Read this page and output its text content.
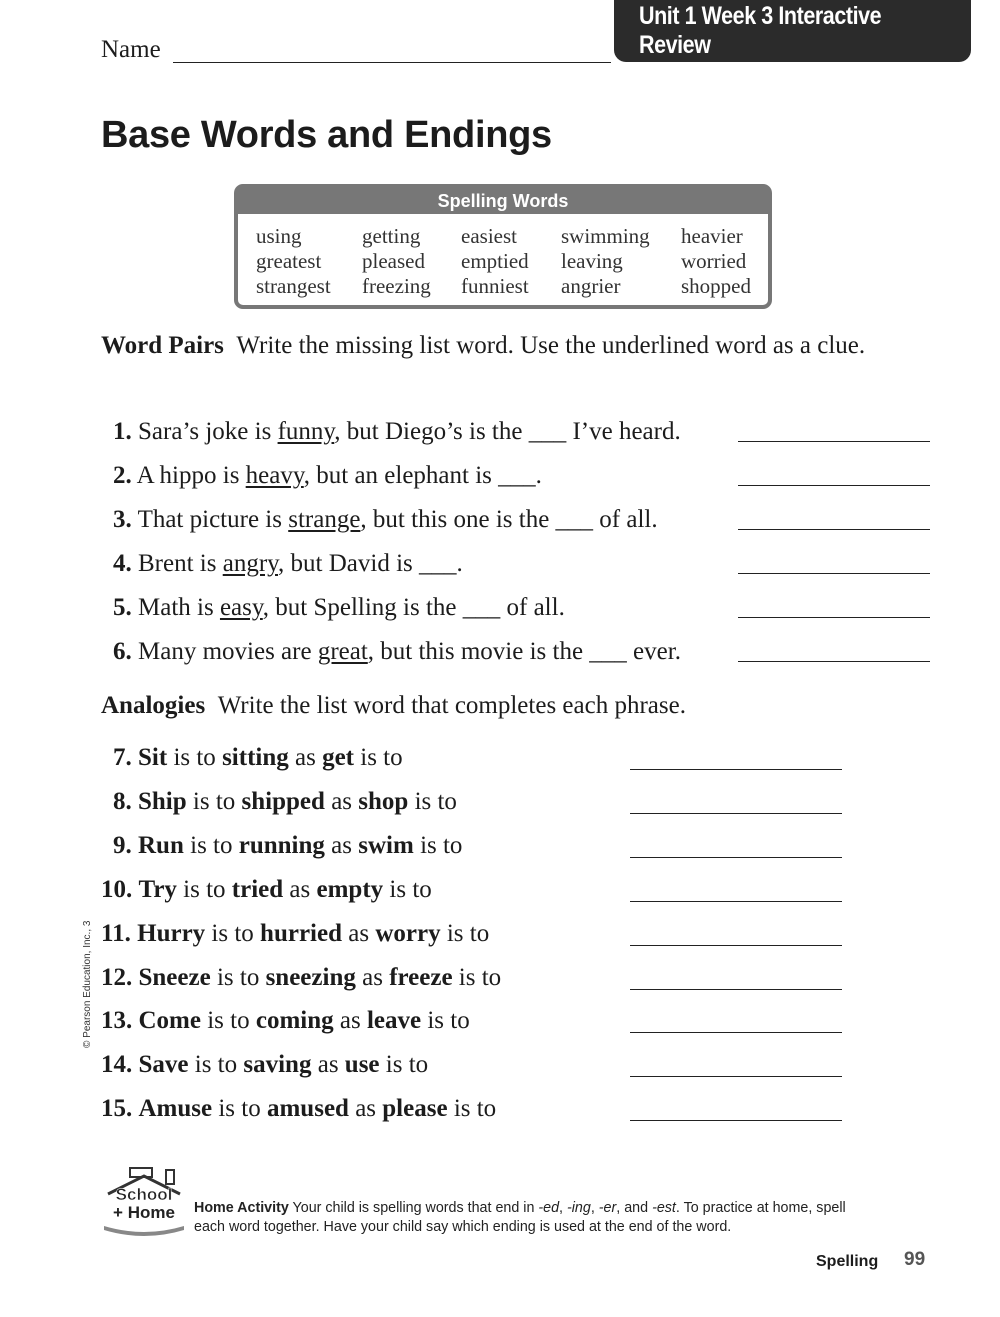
Name
Unit 1 Week 3 Interactive Review
Base Words and Endings
Spelling Words
using	getting	easiest	swimming	heavier
greatest	pleased	emptied	leaving	worried
strangest	freezing	funniest	angrier	shopped
Word Pairs Write the missing list word. Use the underlined word as a clue.
1. Sara’s joke is funny, but Diego’s is the ___ I’ve heard.
2. A hippo is heavy, but an elephant is ___.
3. That picture is strange, but this one is the ___ of all.
4. Brent is angry, but David is ___.
5. Math is easy, but Spelling is the ___ of all.
6. Many movies are great, but this movie is the ___ ever.
Analogies Write the list word that completes each phrase.
7. Sit is to sitting as get is to
8. Ship is to shipped as shop is to
9. Run is to running as swim is to
10. Try is to tried as empty is to
11. Hurry is to hurried as worry is to
12. Sneeze is to sneezing as freeze is to
13. Come is to coming as leave is to
14. Save is to saving as use is to
15. Amuse is to amused as please is to
© Pearson Education, Inc., 3
School
+ Home Home Activity Your child is spelling words that end in -ed, -ing, -er, and -est. To practice at home, spell each word together. Have your child say which ending is used at the end of the word.
Spelling 99
